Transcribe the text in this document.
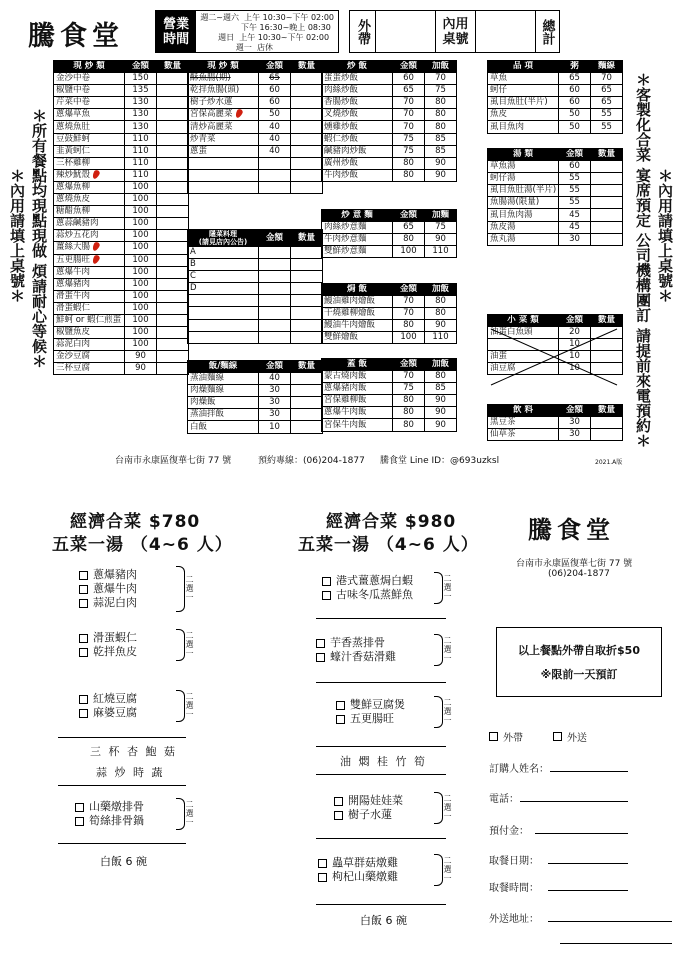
騰食堂	營業
時間
週二~週六  上午 10:30~下午 02:00
下午 16:30~晚上 08:30
週日  上午 10:30~下午 02:00
週一  店休
外帶	內用桌號	總計
＊所有餐點均現點現做 煩請耐心等候＊
＊內用請填上桌號＊	＊客製化合菜 宴席預定 公司機構團訂 請提前來電預約＊ ＊內用請填上桌號＊
現 炒 類	金額	數量
金沙中卷	150	
椒鹽中卷	135	
芹菜中卷	130	
蔥爆草魚	130	
蔥燒魚肚	130	
豆鼓鮮蚵	110	
韭黃蚵仁	110	
三杯雞柳	110	
辣炒魷殼	110	
蔥爆魚柳	100	
蔥燒魚皮	100	
糖醋魚柳	100	
蔥蒜鹹豬肉	100	
蒜炒五花肉	100	
薑絲大腸	100	
五更腸旺	100	
蔥爆牛肉	100	
蔥爆豬肉	100	
滑蛋牛肉	100	
滑蛋蝦仁	100	
鮮蚵 or 蝦仁煎蛋	100	
椒鹽魚皮	100	
蒜泥白肉	100	
金沙豆腐	90	
三杯豆腐	90	
現 炒 類	金額	數量
酥魚腸(期)	65	
乾拌魚腸(頭)	60	
樹子炒水蓮	60	
宮保高麗菜	50	
清炒高麗菜	40	
炒青菜	40	
蔥蛋	40	

隱菜料理
(請見店內公告)	金額	數量
A		
B		
C		
D		

飯/麵線	金額	數量
蒸油麵線	40	
肉燥麵線	30	
肉燥飯	30	
蒸油拌飯	30	
白飯	10	
炒 飯	金額	加飯
蛋蛋炒飯	60	70
肉絲炒飯	65	75
香腸炒飯	70	80
叉燒炒飯	70	80
燻雞炒飯	70	80
蝦仁炒飯	75	85
鹹豬肉炒飯	75	85
廣州炒飯	80	90
牛肉炒飯	80	90
炒 意 麵	金額	加麵
肉絲炒意麵	65	75
牛肉炒意麵	80	90
雙鮮炒意麵	100	110
焗 飯	金額	加飯
鰻油雞肉燴飯	70	80
干燒雞柳燴飯	70	80
鰻油牛肉燴飯	80	90
雙鮮燴飯	100	110
蓋 飯	金額	加飯
蒙古燒肉飯	70	80
蔥爆豬肉飯	75	85
宮保雞柳飯	80	90
蔥爆牛肉飯	80	90
宮保牛肉飯	80	90
品 項	粥	麵線
草魚	65	70
蚵仔	60	65
虱目魚肚(半片)	60	65
魚皮	50	55
虱目魚肉	50	55
湯 類	金額	數量
草魚湯	60	
蚵仔湯	55	
虱目魚肚湯(半片)	55	
魚腸湯(限量)	55	
虱目魚肉湯	45	
魚皮湯	45	
魚丸湯	30	
小 菜 類	金額	數量
油蛋白魚頭	20	
	10	
油蛋	10	
油豆腐	10	
飲 料	金額	數量
黑豆茶	30	
仙草茶	30	
台南市永康區復華七街 77 號	預約專線：(06)204-1877 騰食堂 Line ID：@693uzksl	2021.A版
經濟合菜 $780
五菜一湯 （4~6 人）
蔥爆豬肉
蔥爆牛肉
蒜泥白肉
二選一
滑蛋蝦仁
乾拌魚皮
二選一
紅燒豆腐
麻婆豆腐
二選一
三 杯 杏 鮑 菇
蒜 炒 時 蔬
山藥燉排骨
筍絲排骨鍋
二選一
白飯 6 碗
經濟合菜 $980
五菜一湯 （4~6 人）
港式薑蔥焗白蝦
古味冬瓜蒸鮮魚
二選一
芋香蒸排骨
蠔汁香菇滑雞
二選一
雙鮮豆腐煲
五更腸旺
二選一
油 燜 桂 竹 筍
開陽娃娃菜
樹子水蓮
二選一
蟲草群菇燉雞
枸杞山藥燉雞
二選一
白飯 6 碗
騰食堂
台南市永康區復華七街 77 號
(06)204-1877
以上餐點外帶自取折$50
※限前一天預訂
外帶	外送
訂購人姓名：
電話：
預付金：
取餐日期：
取餐時間：
外送地址：
